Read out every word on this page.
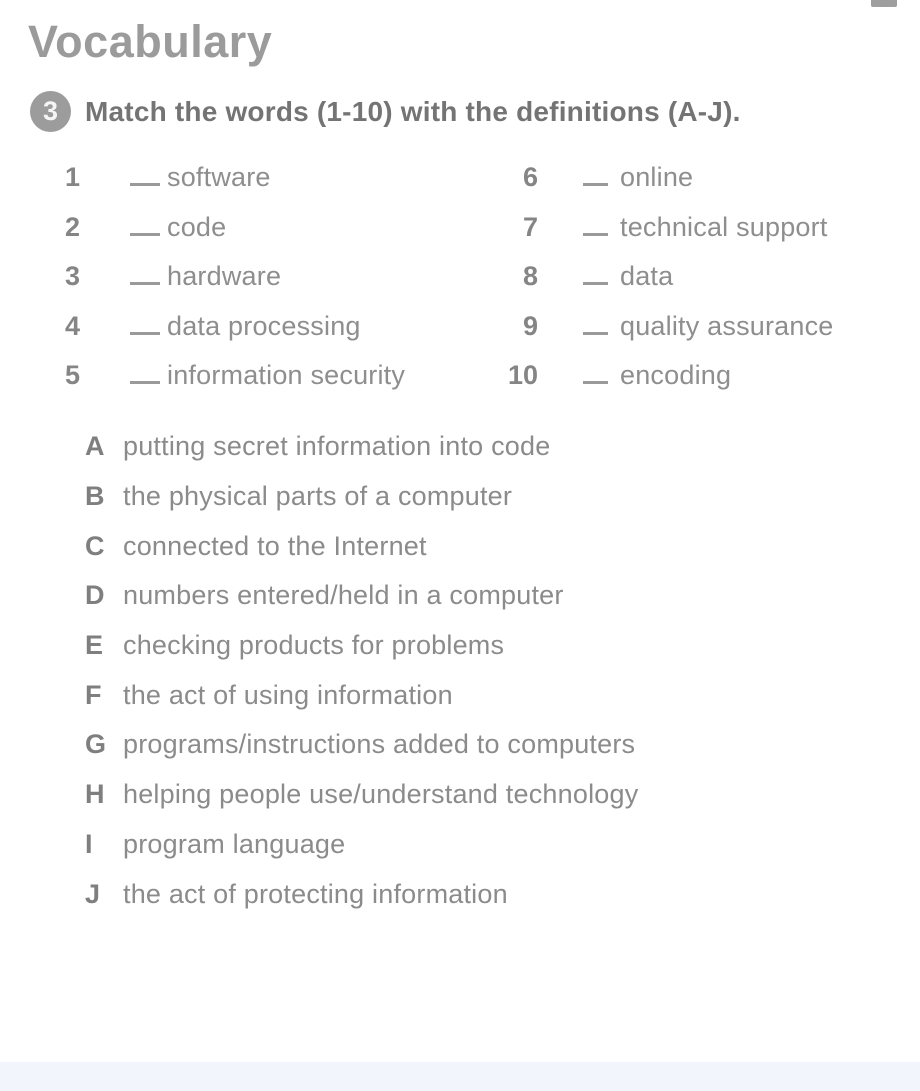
Vocabulary
3 Match the words (1-10) with the definitions (A-J).
1	software
2	code
3	hardware
4	data processing
5	information security
6	online
7	technical support
8	data
9	quality assurance
10	encoding
A putting secret information into code
B the physical parts of a computer
C connected to the Internet
D numbers entered/held in a computer
E checking products for problems
F the act of using information
G programs/instructions added to computers
H helping people use/understand technology
I	program language
J the act of protecting information
